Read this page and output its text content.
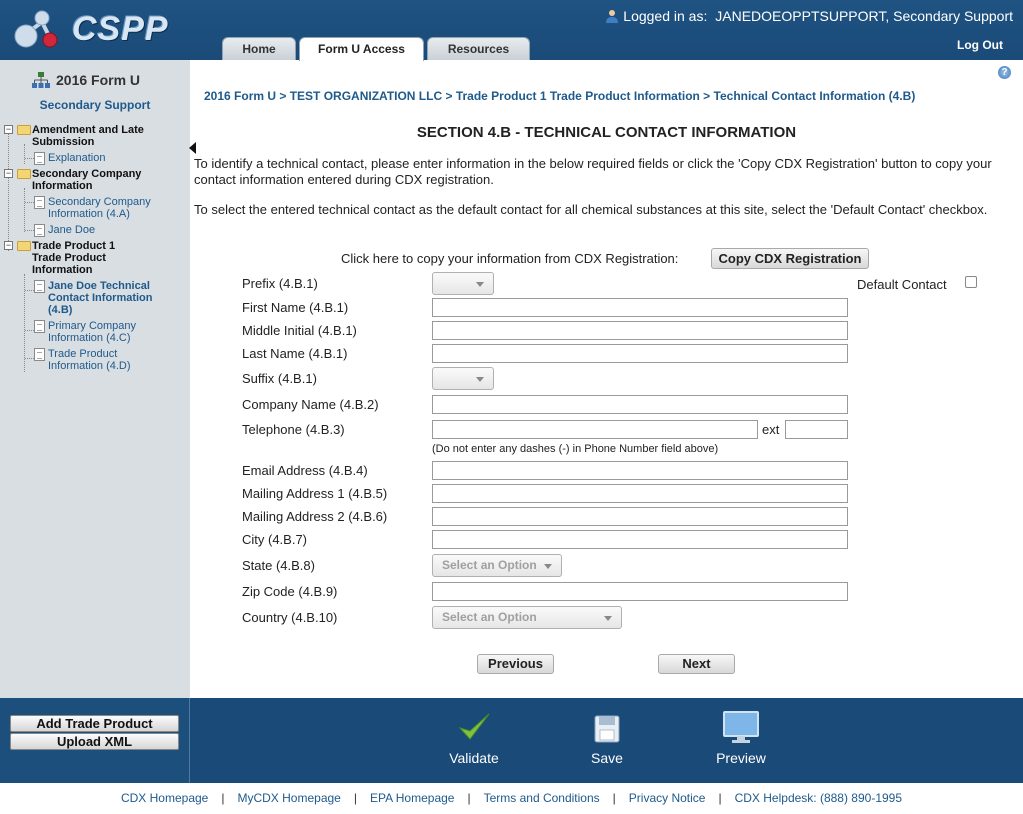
CSPP	Logged in as: JANEDOEOPPTSUPPORT, Secondary Support
Log Out
Home	Form U Access	Resources
2016 Form U
Secondary Support
− Amendment and Late Submission
Explanation
− Secondary Company Information
Secondary Company Information (4.A)
Jane Doe
− Trade Product 1 Trade Product Information
Jane Doe Technical Contact Information (4.B)
Primary Company Information (4.C)
Trade Product Information (4.D)
?
2016 Form U > TEST ORGANIZATION LLC > Trade Product 1 Trade Product Information > Technical Contact Information (4.B)
SECTION 4.B - TECHNICAL CONTACT INFORMATION
To identify a technical contact, please enter information in the below required fields or click the 'Copy CDX Registration' button to copy your contact information entered during CDX registration.
To select the entered technical contact as the default contact for all chemical substances at this site, select the 'Default Contact' checkbox.
Click here to copy your information from CDX Registration:	Copy CDX Registration
Default Contact
Prefix (4.B.1)
First Name (4.B.1)
Middle Initial (4.B.1)
Last Name (4.B.1)
Suffix (4.B.1)
Company Name (4.B.2)
Telephone (4.B.3)	ext
(Do not enter any dashes (-) in Phone Number field above)
Email Address (4.B.4)
Mailing Address 1 (4.B.5)
Mailing Address 2 (4.B.6)
City (4.B.7)
State (4.B.8)	Select an Option
Zip Code (4.B.9)
Country (4.B.10)	Select an Option
Previous	Next
Add Trade Product
Upload XML
Validate	Save	Preview
CDX Homepage | MyCDX Homepage | EPA Homepage | Terms and Conditions | Privacy Notice | CDX Helpdesk: (888) 890-1995
